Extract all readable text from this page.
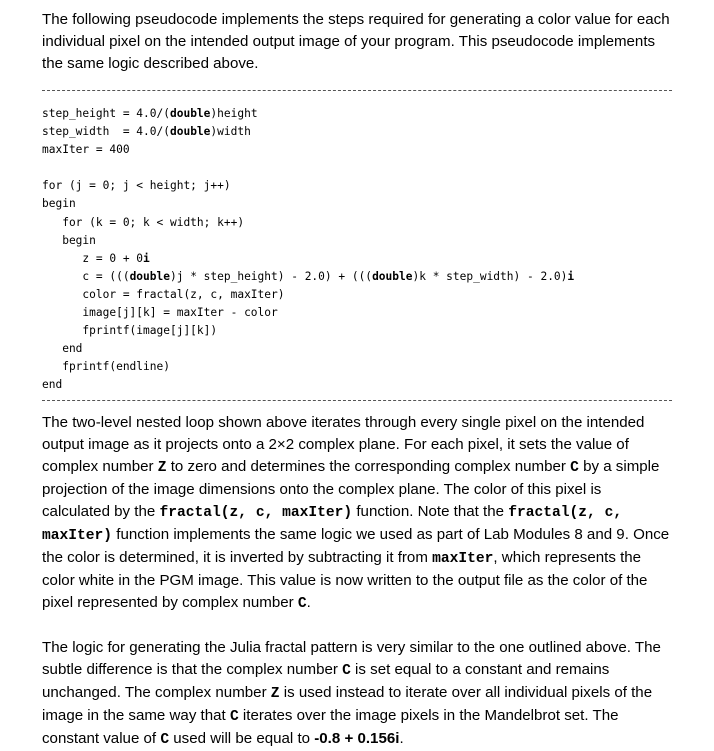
The following pseudocode implements the steps required for generating a color value for each individual pixel on the intended output image of your program. This pseudocode implements the same logic described above.

step_height = 4.0/(double)height
step_width  = 4.0/(double)width
maxIter = 400
for (j = 0; j < height; j++)
begin
for (k = 0; k < width; k++)
begin
z = 0 + 0i
c = (((double)j * step_height) - 2.0) + (((double)k * step_width) - 2.0)i
color = fractal(z, c, maxIter)
image[j][k] = maxIter - color
fprintf(image[j][k])
end
fprintf(endline)
end

The two-level nested loop shown above iterates through every single pixel on the intended output image as it projects onto a 2×2 complex plane. For each pixel, it sets the value of complex number Z to zero and determines the corresponding complex number C by a simple projection of the image dimensions onto the complex plane. The color of this pixel is calculated by the fractal(z, c, maxIter) function. Note that the fractal(z, c, maxIter) function implements the same logic we used as part of Lab Modules 8 and 9. Once the color is determined, it is inverted by subtracting it from maxIter, which represents the color white in the PGM image. This value is now written to the output file as the color of the pixel represented by complex number C.

The logic for generating the Julia fractal pattern is very similar to the one outlined above. The subtle difference is that the complex number C is set equal to a constant and remains unchanged. The complex number Z is used instead to iterate over all individual pixels of the image in the same way that C iterates over the image pixels in the Mandelbrot set. The constant value of C used will be equal to -0.8 + 0.156i.
